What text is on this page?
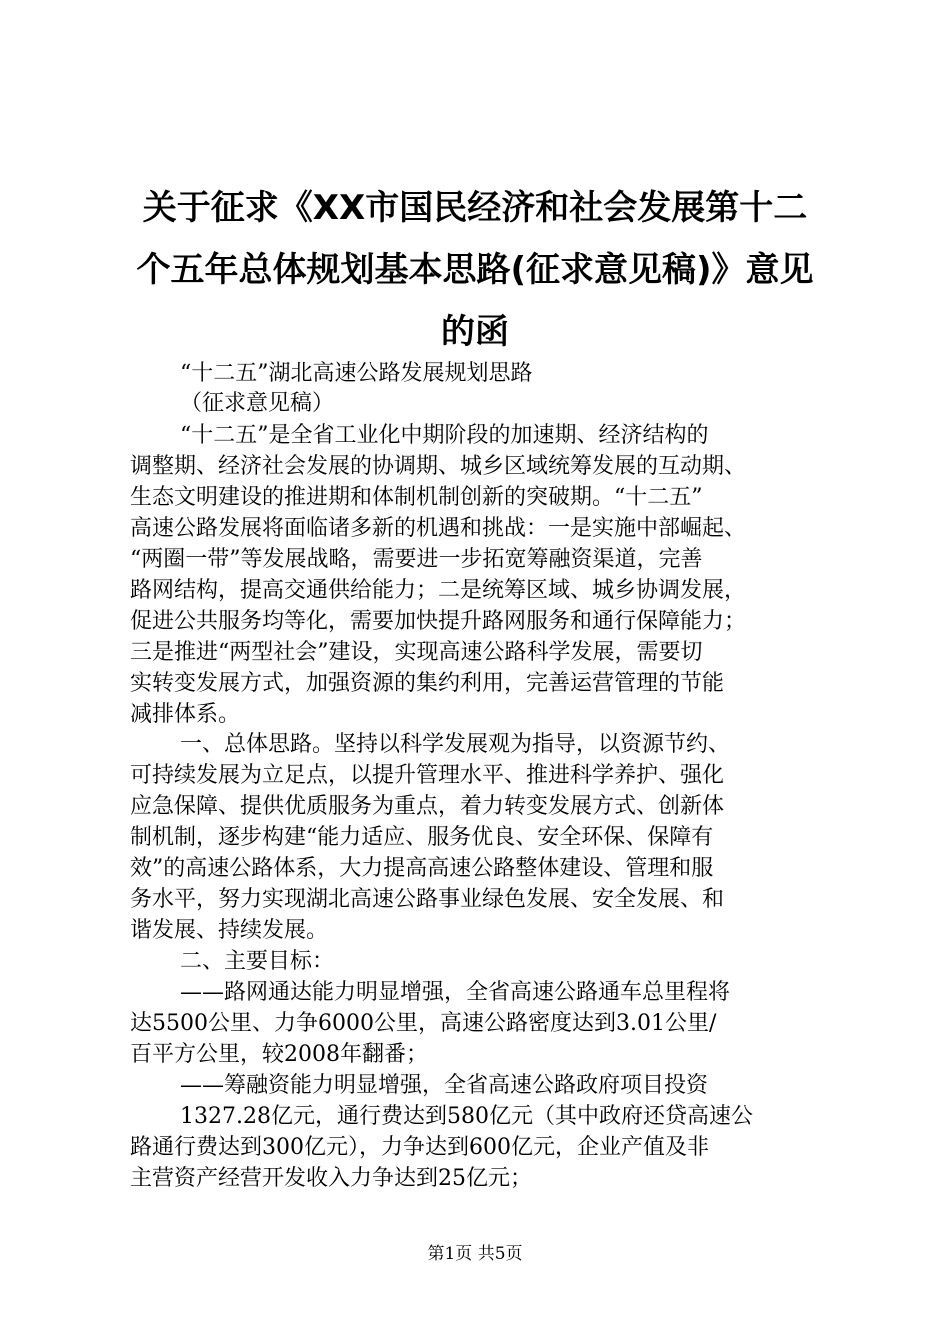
关于征求《XX市国民经济和社会发展第十二
个五年总体规划基本思路(征求意见稿)》意见
的函
“十二五”湖北高速公路发展规划思路
（征求意见稿）
“十二五”是全省工业化中期阶段的加速期、经济结构的
调整期、经济社会发展的协调期、城乡区域统筹发展的互动期、
生态文明建设的推进期和体制机制创新的突破期。“十二五”
高速公路发展将面临诸多新的机遇和挑战：一是实施中部崛起、
“两圈一带”等发展战略，需要进一步拓宽筹融资渠道，完善
路网结构，提高交通供给能力；二是统筹区域、城乡协调发展，
促进公共服务均等化，需要加快提升路网服务和通行保障能力；
三是推进“两型社会”建设，实现高速公路科学发展，需要切
实转变发展方式，加强资源的集约利用，完善运营管理的节能
减排体系。
一、总体思路。坚持以科学发展观为指导，以资源节约、
可持续发展为立足点，以提升管理水平、推进科学养护、强化
应急保障、提供优质服务为重点，着力转变发展方式、创新体
制机制，逐步构建“能力适应、服务优良、安全环保、保障有
效”的高速公路体系，大力提高高速公路整体建设、管理和服
务水平，努力实现湖北高速公路事业绿色发展、安全发展、和
谐发展、持续发展。
二、主要目标：
——路网通达能力明显增强，全省高速公路通车总里程将
达5500公里、力争6000公里，高速公路密度达到3.01公里/
百平方公里，较2008年翻番；
——筹融资能力明显增强，全省高速公路政府项目投资
1327.28亿元，通行费达到580亿元（其中政府还贷高速公
路通行费达到300亿元），力争达到600亿元，企业产值及非
主营资产经营开发收入力争达到25亿元；
第1页 共5页
